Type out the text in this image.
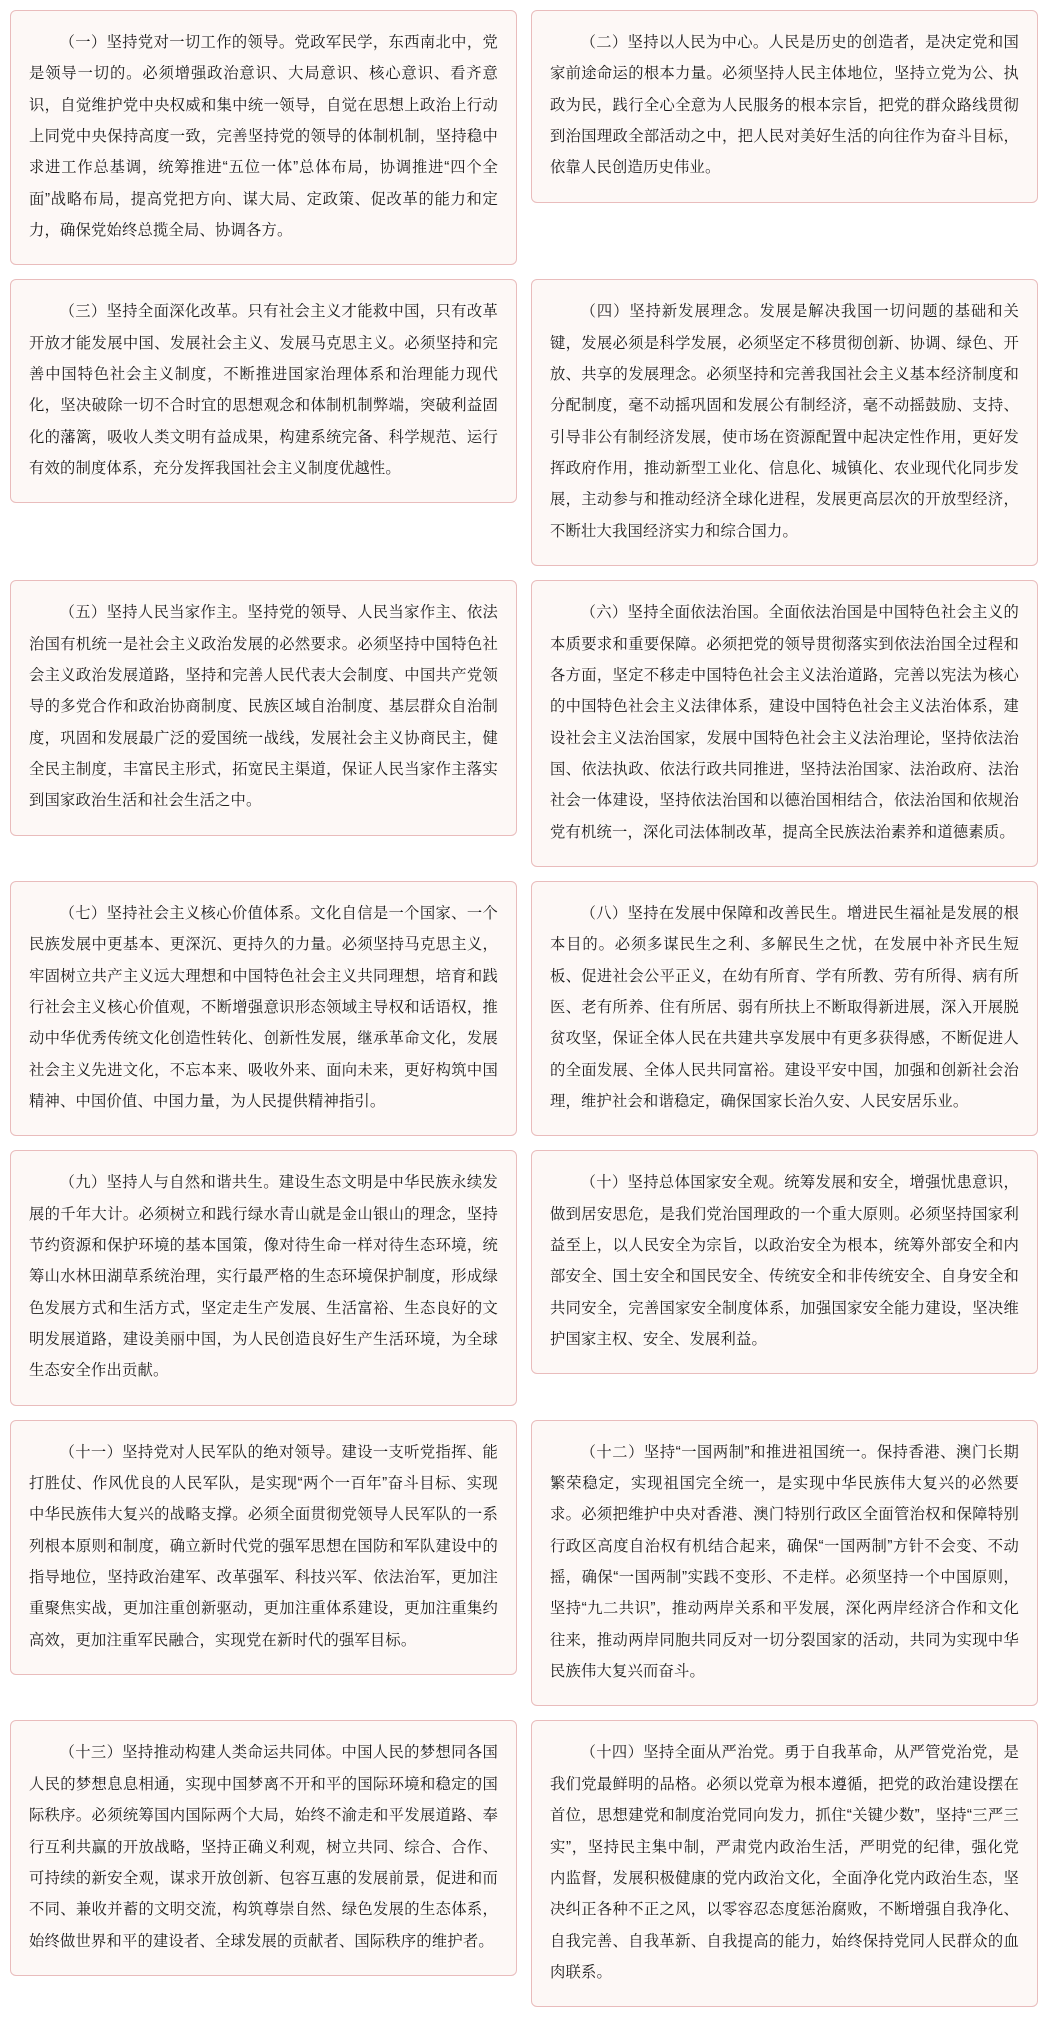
（一）坚持党对一切工作的领导。党政军民学，东西南北中，党是领导一切的。必须增强政治意识、大局意识、核心意识、看齐意识，自觉维护党中央权威和集中统一领导，自觉在思想上政治上行动上同党中央保持高度一致，完善坚持党的领导的体制机制，坚持稳中求进工作总基调，统筹推进“五位一体”总体布局，协调推进“四个全面”战略布局，提高党把方向、谋大局、定政策、促改革的能力和定力，确保党始终总揽全局、协调各方。

（二）坚持以人民为中心。人民是历史的创造者，是决定党和国家前途命运的根本力量。必须坚持人民主体地位，坚持立党为公、执政为民，践行全心全意为人民服务的根本宗旨，把党的群众路线贯彻到治国理政全部活动之中，把人民对美好生活的向往作为奋斗目标，依靠人民创造历史伟业。

（三）坚持全面深化改革。只有社会主义才能救中国，只有改革开放才能发展中国、发展社会主义、发展马克思主义。必须坚持和完善中国特色社会主义制度，不断推进国家治理体系和治理能力现代化，坚决破除一切不合时宜的思想观念和体制机制弊端，突破利益固化的藩篱，吸收人类文明有益成果，构建系统完备、科学规范、运行有效的制度体系，充分发挥我国社会主义制度优越性。

（四）坚持新发展理念。发展是解决我国一切问题的基础和关键，发展必须是科学发展，必须坚定不移贯彻创新、协调、绿色、开放、共享的发展理念。必须坚持和完善我国社会主义基本经济制度和分配制度，毫不动摇巩固和发展公有制经济，毫不动摇鼓励、支持、引导非公有制经济发展，使市场在资源配置中起决定性作用，更好发挥政府作用，推动新型工业化、信息化、城镇化、农业现代化同步发展，主动参与和推动经济全球化进程，发展更高层次的开放型经济，不断壮大我国经济实力和综合国力。

（五）坚持人民当家作主。坚持党的领导、人民当家作主、依法治国有机统一是社会主义政治发展的必然要求。必须坚持中国特色社会主义政治发展道路，坚持和完善人民代表大会制度、中国共产党领导的多党合作和政治协商制度、民族区域自治制度、基层群众自治制度，巩固和发展最广泛的爱国统一战线，发展社会主义协商民主，健全民主制度，丰富民主形式，拓宽民主渠道，保证人民当家作主落实到国家政治生活和社会生活之中。

（六）坚持全面依法治国。全面依法治国是中国特色社会主义的本质要求和重要保障。必须把党的领导贯彻落实到依法治国全过程和各方面，坚定不移走中国特色社会主义法治道路，完善以宪法为核心的中国特色社会主义法律体系，建设中国特色社会主义法治体系，建设社会主义法治国家，发展中国特色社会主义法治理论，坚持依法治国、依法执政、依法行政共同推进，坚持法治国家、法治政府、法治社会一体建设，坚持依法治国和以德治国相结合，依法治国和依规治党有机统一，深化司法体制改革，提高全民族法治素养和道德素质。

（七）坚持社会主义核心价值体系。文化自信是一个国家、一个民族发展中更基本、更深沉、更持久的力量。必须坚持马克思主义，牢固树立共产主义远大理想和中国特色社会主义共同理想，培育和践行社会主义核心价值观，不断增强意识形态领域主导权和话语权，推动中华优秀传统文化创造性转化、创新性发展，继承革命文化，发展社会主义先进文化，不忘本来、吸收外来、面向未来，更好构筑中国精神、中国价值、中国力量，为人民提供精神指引。

（八）坚持在发展中保障和改善民生。增进民生福祉是发展的根本目的。必须多谋民生之利、多解民生之忧，在发展中补齐民生短板、促进社会公平正义，在幼有所育、学有所教、劳有所得、病有所医、老有所养、住有所居、弱有所扶上不断取得新进展，深入开展脱贫攻坚，保证全体人民在共建共享发展中有更多获得感，不断促进人的全面发展、全体人民共同富裕。建设平安中国，加强和创新社会治理，维护社会和谐稳定，确保国家长治久安、人民安居乐业。

（九）坚持人与自然和谐共生。建设生态文明是中华民族永续发展的千年大计。必须树立和践行绿水青山就是金山银山的理念，坚持节约资源和保护环境的基本国策，像对待生命一样对待生态环境，统筹山水林田湖草系统治理，实行最严格的生态环境保护制度，形成绿色发展方式和生活方式，坚定走生产发展、生活富裕、生态良好的文明发展道路，建设美丽中国，为人民创造良好生产生活环境，为全球生态安全作出贡献。

（十）坚持总体国家安全观。统筹发展和安全，增强忧患意识，做到居安思危，是我们党治国理政的一个重大原则。必须坚持国家利益至上，以人民安全为宗旨，以政治安全为根本，统筹外部安全和内部安全、国土安全和国民安全、传统安全和非传统安全、自身安全和共同安全，完善国家安全制度体系，加强国家安全能力建设，坚决维护国家主权、安全、发展利益。

（十一）坚持党对人民军队的绝对领导。建设一支听党指挥、能打胜仗、作风优良的人民军队，是实现“两个一百年”奋斗目标、实现中华民族伟大复兴的战略支撑。必须全面贯彻党领导人民军队的一系列根本原则和制度，确立新时代党的强军思想在国防和军队建设中的指导地位，坚持政治建军、改革强军、科技兴军、依法治军，更加注重聚焦实战，更加注重创新驱动，更加注重体系建设，更加注重集约高效，更加注重军民融合，实现党在新时代的强军目标。

（十二）坚持“一国两制”和推进祖国统一。保持香港、澳门长期繁荣稳定，实现祖国完全统一，是实现中华民族伟大复兴的必然要求。必须把维护中央对香港、澳门特别行政区全面管治权和保障特别行政区高度自治权有机结合起来，确保“一国两制”方针不会变、不动摇，确保“一国两制”实践不变形、不走样。必须坚持一个中国原则，坚持“九二共识”，推动两岸关系和平发展，深化两岸经济合作和文化往来，推动两岸同胞共同反对一切分裂国家的活动，共同为实现中华民族伟大复兴而奋斗。

（十三）坚持推动构建人类命运共同体。中国人民的梦想同各国人民的梦想息息相通，实现中国梦离不开和平的国际环境和稳定的国际秩序。必须统筹国内国际两个大局，始终不渝走和平发展道路、奉行互利共赢的开放战略，坚持正确义利观，树立共同、综合、合作、可持续的新安全观，谋求开放创新、包容互惠的发展前景，促进和而不同、兼收并蓄的文明交流，构筑尊崇自然、绿色发展的生态体系，始终做世界和平的建设者、全球发展的贡献者、国际秩序的维护者。

（十四）坚持全面从严治党。勇于自我革命，从严管党治党，是我们党最鲜明的品格。必须以党章为根本遵循，把党的政治建设摆在首位，思想建党和制度治党同向发力，抓住“关键少数”，坚持“三严三实”，坚持民主集中制，严肃党内政治生活，严明党的纪律，强化党内监督，发展积极健康的党内政治文化，全面净化党内政治生态，坚决纠正各种不正之风，以零容忍态度惩治腐败，不断增强自我净化、自我完善、自我革新、自我提高的能力，始终保持党同人民群众的血肉联系。
